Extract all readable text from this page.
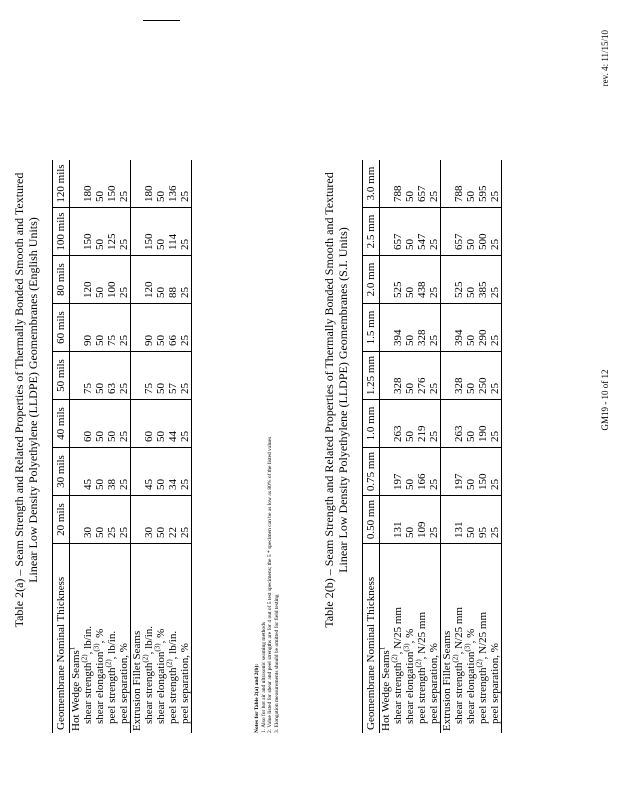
Table 2(a) – Seam Strength and Related Properties of Thermally Bonded Smooth and Textured Linear Low Density Polyethylene (LLDPE) Geomembranes (English Units)
Geomembrane Nominal Thickness	20 mils	30 mils	40 mils	50 mils	60 mils	80 mils	100 mils	120 mils
Hot Wedge Seams$^1$								
shear strength$^{(2)}$, lb/in.	30	45	60	75	90	120	150	180
shear elongation$^{(3)}$, %	50	50	50	50	50	50	50	50
peel strength$^{(2)}$, lb/in.	25	38	50	63	75	100	125	150
peel separation, %	25	25	25	25	25	25	25	25
Extrusion Fillet Seams								
shear strength$^{(2)}$, lb/in.	30	45	60	75	90	120	150	180
shear elongation$^{(3)}$, %	50	50	50	50	50	50	50	50
peel strength$^{(2)}$, lb/in.	22	34	44	57	66	88	114	136
peel separation, %	25	25	25	25	25	25	25	25
Notes for Table 2(a) and 2(b): 1. Also for hot air and ultrasonic seaming methods 2. Value listed for shear and peel strengths are for 4 out of 5 test specimens; the 5 * specimen can be as low as 80% of the listed values 3. Elongation measurements should be omitted for field testing
Table 2(b) – Seam Strength and Related Properties of Thermally Bonded Smooth and Textured Linear Low Density Polyethylene (LLDPE) Geomembranes (S.I. Units)
Geomembrane Nominal Thickness	0.50 mm	0.75 mm	1.0 mm	1.25 mm	1.5 mm	2.0 mm	2.5 mm	3.0 mm
Hot Wedge Seams$^1$								
shear strength$^{(2)}$, N/25 mm	131	197	263	328	394	525	657	788
shear elongation$^{(3)}$, %	50	50	50	50	50	50	50	50
peel strength$^{(2)}$, N/25 mm	109	166	219	276	328	438	547	657
peel separation, %	25	25	25	25	25	25	25	25
Extrusion Fillet Seams								
shear strength$^{(2)}$, N/25 mm	131	197	263	328	394	525	657	788
shear elongation$^{(3)}$, %	50	50	50	50	50	50	50	50
peel strength$^{(2)}$, N/25 mm	95	150	190	250	290	385	500	595
peel separation, %	25	25	25	25	25	25	25	25
GM19 - 10 of 12
rev. 4: 11/15/10
